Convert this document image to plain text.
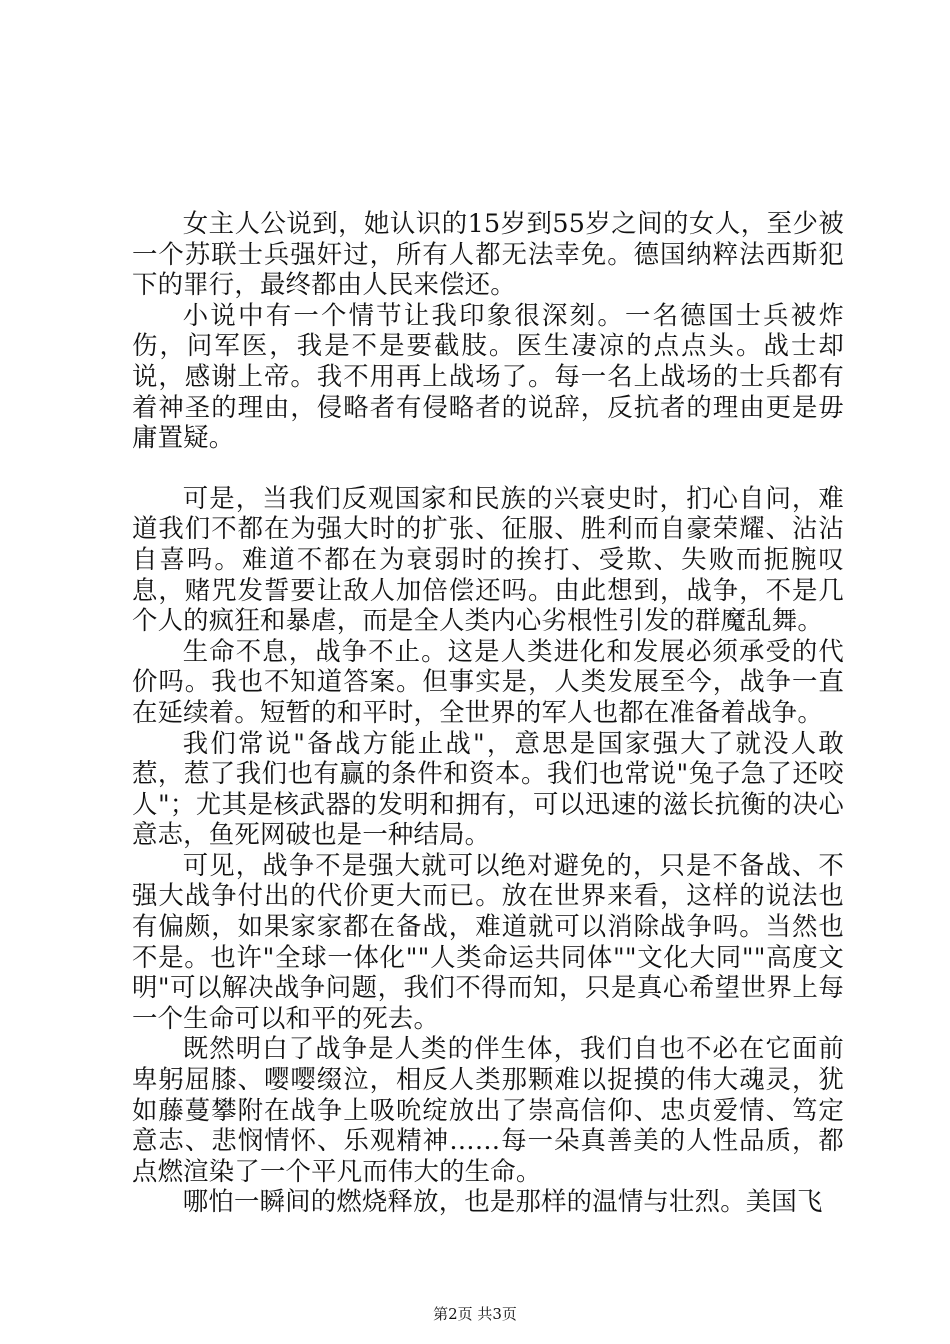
女主人公说到，她认识的15岁到55岁之间的女人，至少被一个苏联士兵强奸过，所有人都无法幸免。德国纳粹法西斯犯下的罪行，最终都由人民来偿还。

小说中有一个情节让我印象很深刻。一名德国士兵被炸伤，问军医，我是不是要截肢。医生凄凉的点点头。战士却说，感谢上帝。我不用再上战场了。每一名上战场的士兵都有着神圣的理由，侵略者有侵略者的说辞，反抗者的理由更是毋庸置疑。

可是，当我们反观国家和民族的兴衰史时，扪心自问，难道我们不都在为强大时的扩张、征服、胜利而自豪荣耀、沾沾自喜吗。难道不都在为衰弱时的挨打、受欺、失败而扼腕叹息，赌咒发誓要让敌人加倍偿还吗。由此想到，战争，不是几个人的疯狂和暴虐，而是全人类内心劣根性引发的群魔乱舞。

生命不息，战争不止。这是人类进化和发展必须承受的代价吗。我也不知道答案。但事实是，人类发展至今，战争一直在延续着。短暂的和平时，全世界的军人也都在准备着战争。

我们常说"备战方能止战"，意思是国家强大了就没人敢惹，惹了我们也有赢的条件和资本。我们也常说"兔子急了还咬人"；尤其是核武器的发明和拥有，可以迅速的滋长抗衡的决心意志，鱼死网破也是一种结局。

可见，战争不是强大就可以绝对避免的，只是不备战、不强大战争付出的代价更大而已。放在世界来看，这样的说法也有偏颇，如果家家都在备战，难道就可以消除战争吗。当然也不是。也许"全球一体化""人类命运共同体""文化大同""高度文明"可以解决战争问题，我们不得而知，只是真心希望世界上每一个生命可以和平的死去。

既然明白了战争是人类的伴生体，我们自也不必在它面前卑躬屈膝、嘤嘤缀泣，相反人类那颗难以捉摸的伟大魂灵，犹如藤蔓攀附在战争上吸吮绽放出了崇高信仰、忠贞爱情、笃定意志、悲悯情怀、乐观精神……每一朵真善美的人性品质，都点燃渲染了一个平凡而伟大的生命。

哪怕一瞬间的燃烧释放，也是那样的温情与壮烈。美国飞

第2页 共3页
